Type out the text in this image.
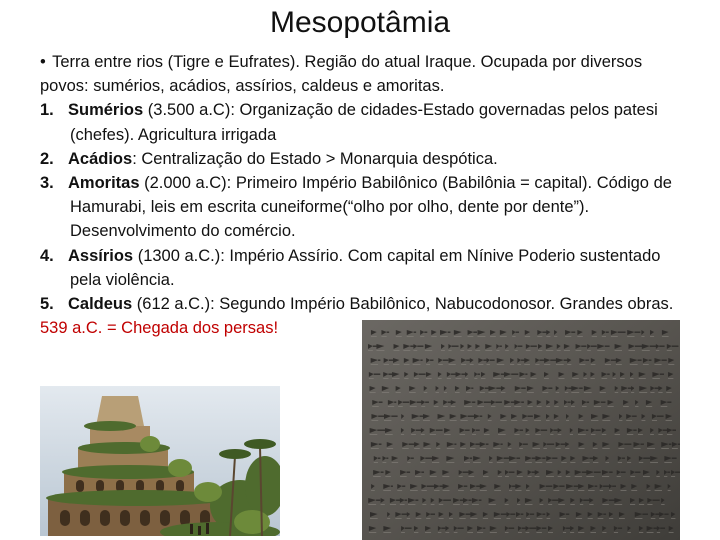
Mesopotâmia

• Terra entre rios (Tigre e Eufrates). Região do atual Iraque. Ocupada por diversos povos: sumérios, acádios, assírios, caldeus e amoritas.

1. Sumérios (3.500 a.C): Organização de cidades-Estado governadas pelos patesi (chefes). Agricultura irrigada

2. Acádios: Centralização do Estado > Monarquia despótica.

3. Amoritas (2.000 a.C): Primeiro Império Babilônico (Babilônia = capital). Código de Hamurabi, leis em escrita cuneiforme(“olho por olho, dente por dente”). Desenvolvimento do comércio.

4. Assírios (1300 a.C.): Império Assírio. Com capital em Nínive Poderio sustentado pela violência.

5. Caldeus (612 a.C.): Segundo Império Babilônico, Nabucodonosor. Grandes obras.

539 a.C. = Chegada dos persas!
